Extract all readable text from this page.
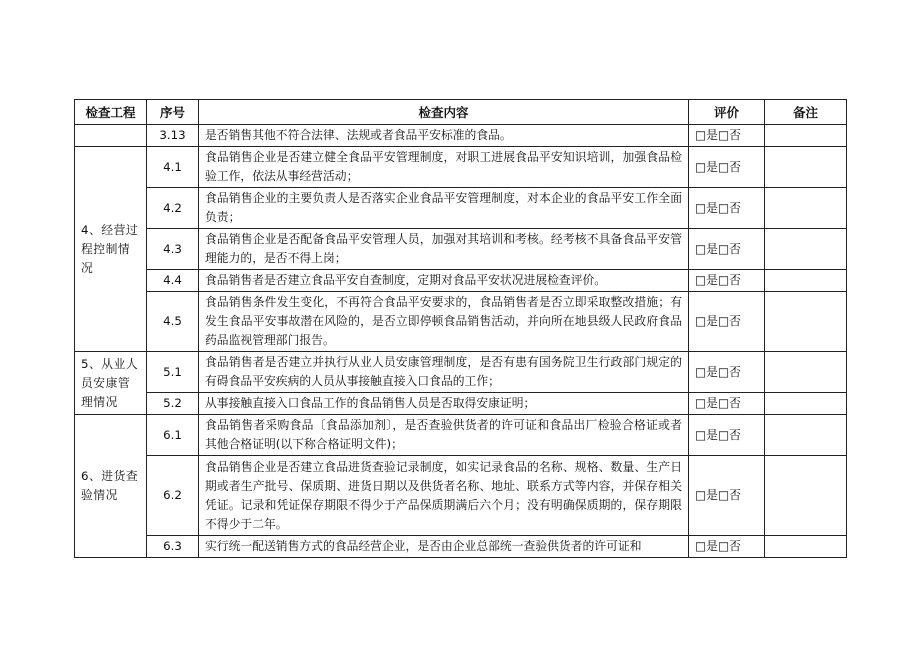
检查工程	序号	检查内容	评价	备注
	3.13	是否销售其他不符合法律、法规或者食品平安标准的食品。	□是□否	
4、经营过程控制情况	4.1	食品销售企业是否建立健全食品平安管理制度，对职工进展食品平安知识培训，加强食品检验工作，依法从事经营活动；	□是□否	
	4.2	食品销售企业的主要负责人是否落实企业食品平安管理制度，对本企业的食品平安工作全面负责；	□是□否	
	4.3	食品销售企业是否配备食品平安管理人员，加强对其培训和考核。经考核不具备食品平安管理能力的，是否不得上岗；	□是□否	
	4.4	食品销售者是否建立食品平安自查制度，定期对食品平安状况进展检查评价。	□是□否	
	4.5	食品销售条件发生变化，不再符合食品平安要求的，食品销售者是否立即采取整改措施；有发生食品平安事故潜在风险的，是否立即停顿食品销售活动，并向所在地县级人民政府食品药品监视管理部门报告。	□是□否	
5、从业人员安康管理情况	5.1	食品销售者是否建立并执行从业人员安康管理制度，是否有患有国务院卫生行政部门规定的有碍食品平安疾病的人员从事接触直接入口食品的工作；	□是□否	
	5.2	从事接触直接入口食品工作的食品销售人员是否取得安康证明；	□是□否	
6、进货查验情况	6.1	食品销售者采购食品〔食品添加剂〕，是否查验供货者的许可证和食品出厂检验合格证或者其他合格证明(以下称合格证明文件)；	□是□否	
	6.2	食品销售企业是否建立食品进货查验记录制度，如实记录食品的名称、规格、数量、生产日期或者生产批号、保质期、进货日期以及供货者名称、地址、联系方式等内容，并保存相关凭证。记录和凭证保存期限不得少于产品保质期满后六个月；没有明确保质期的，保存期限不得少于二年。	□是□否	
	6.3	实行统一配送销售方式的食品经营企业，是否由企业总部统一查验供货者的许可证和	□是□否	
